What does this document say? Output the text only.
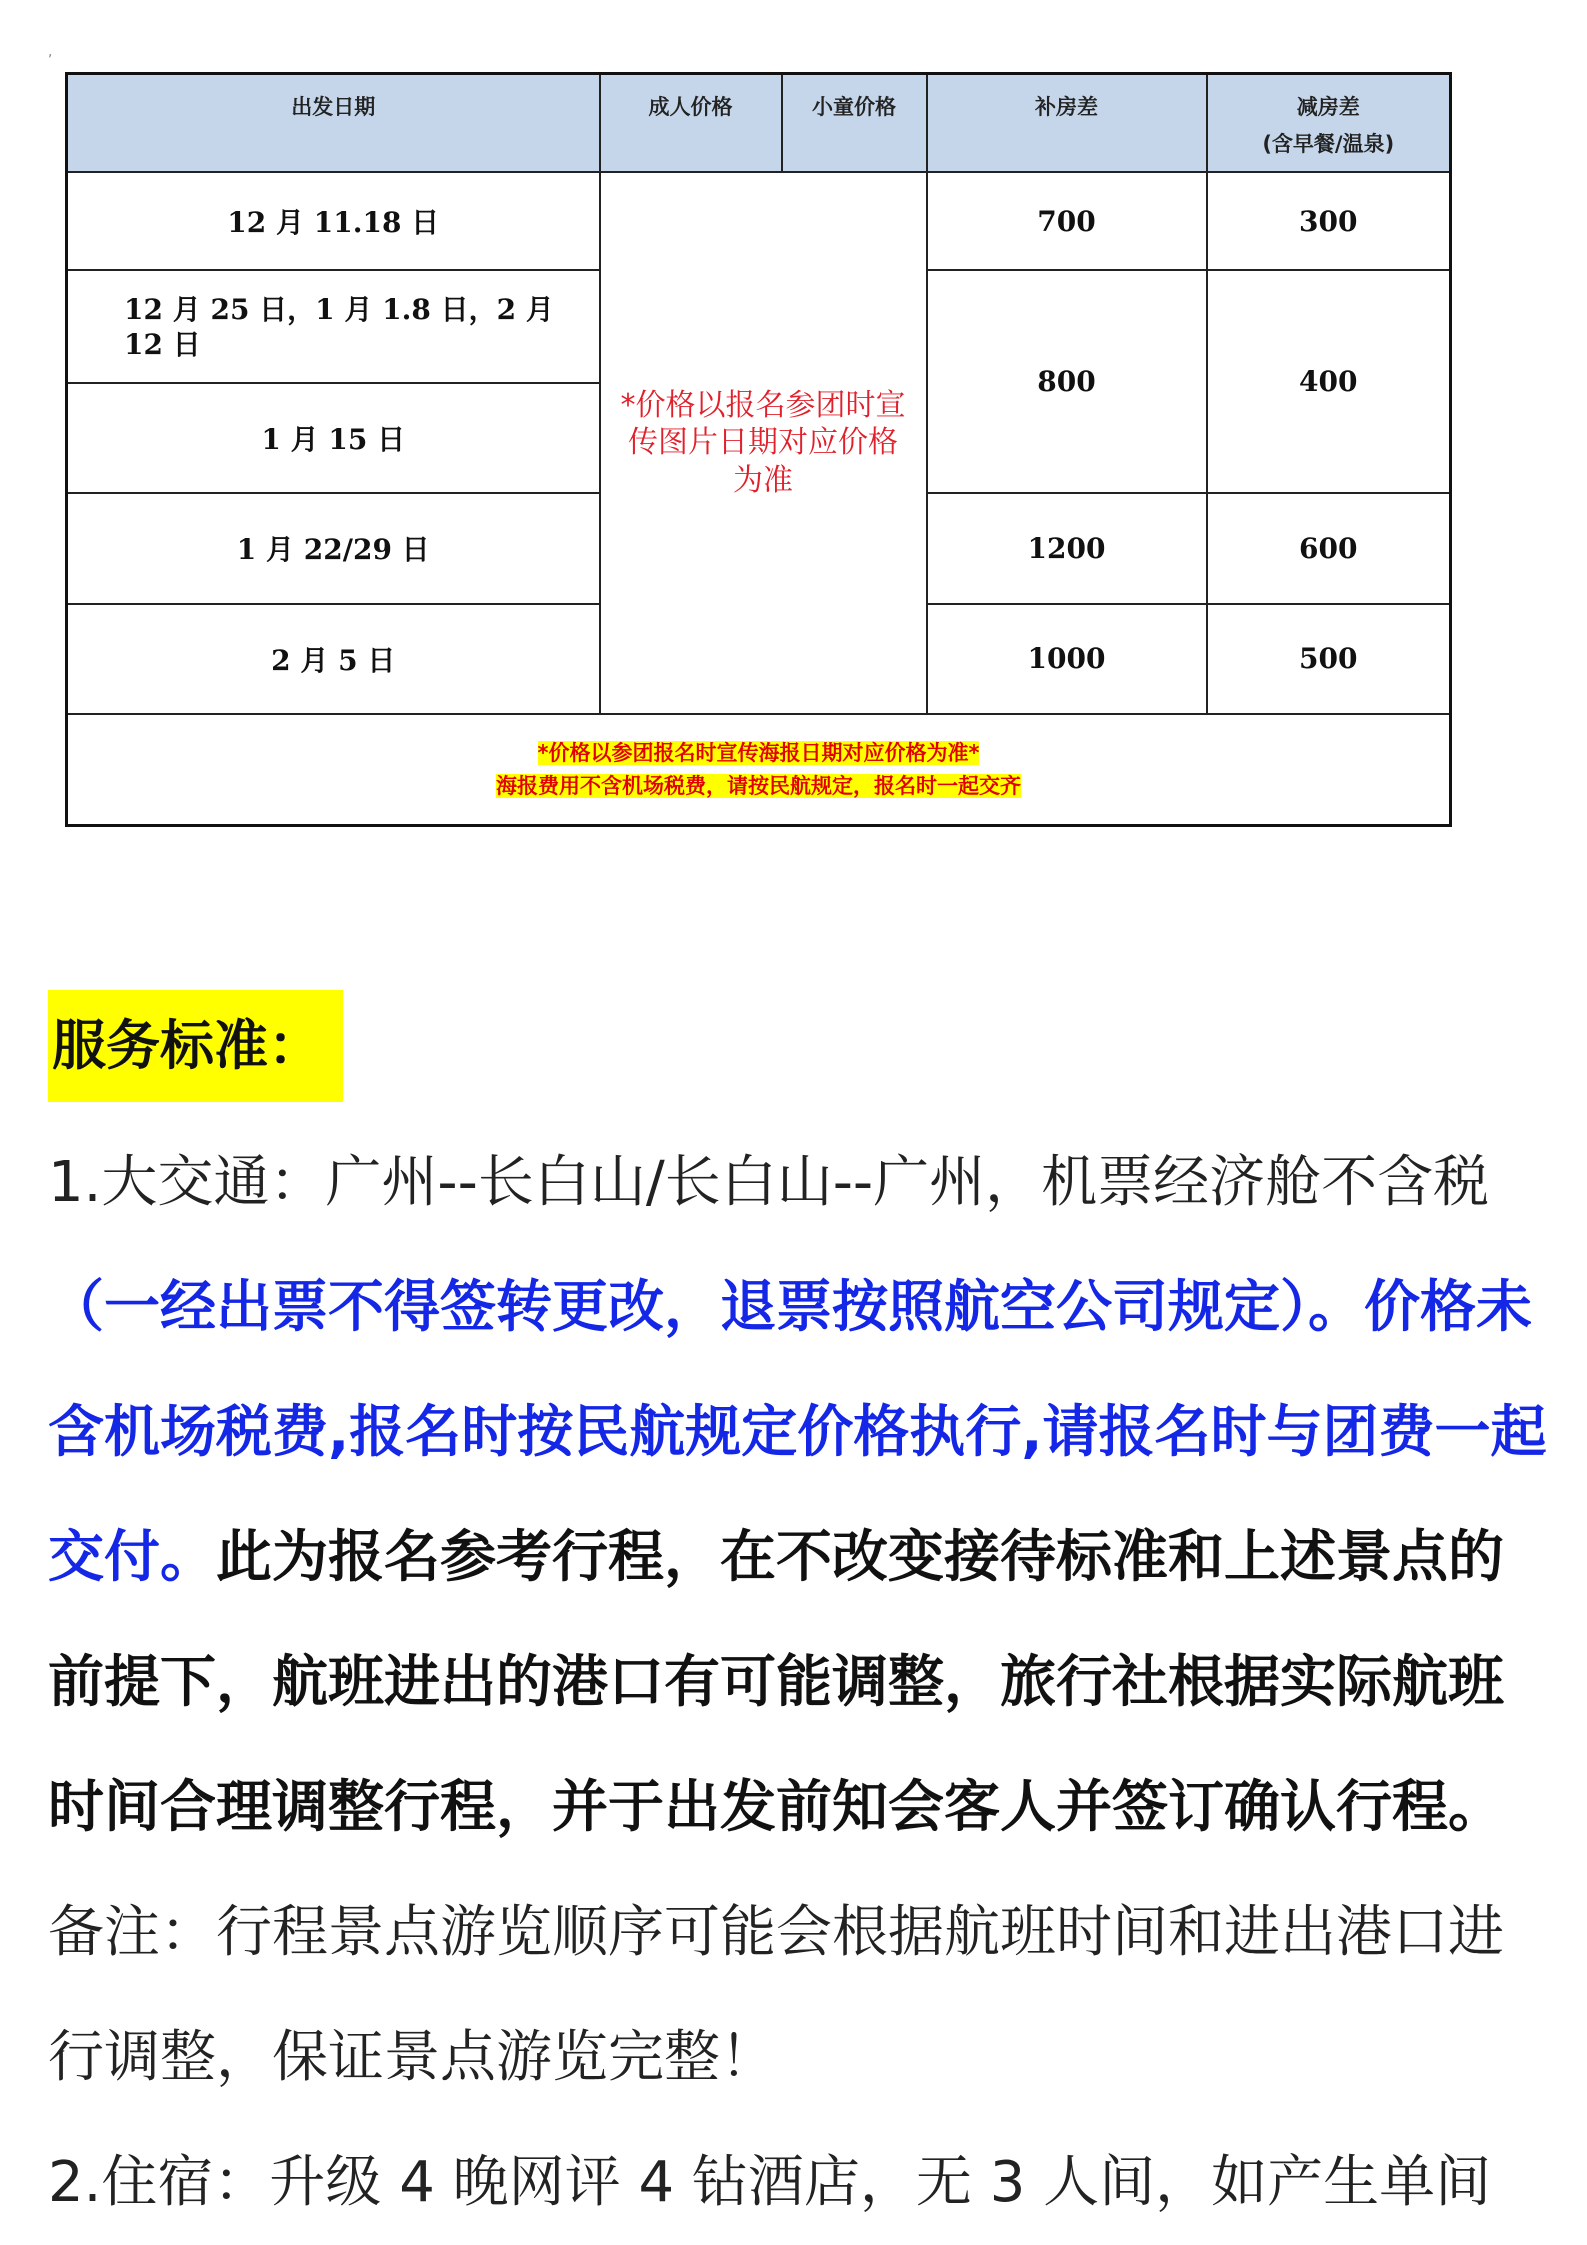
,
出发日期	成人价格	小童价格	补房差	减房差
(含早餐/温泉)

12 月 11.18 日	*价格以报名参团时宣传图片日期对应价格为准		700	300
12 月 25 日，1 月 1.8 日，2 月 12 日			800	400
1 月 15 日				
1 月 22/29 日			1200	600
2 月 5 日			1000	500

*价格以参团报名时宣传海报日期对应价格为准*
海报费用不含机场税费，请按民航规定，报名时一起交齐				
服务标准：

1.大交通：广州--长白山/长白山--广州，机票经济舱不含税（一经出票不得签转更改，退票按照航空公司规定）。价格未含机场税费,报名时按民航规定价格执行,请报名时与团费一起交付。此为报名参考行程，在不改变接待标准和上述景点的前提下，航班进出的港口有可能调整，旅行社根据实际航班时间合理调整行程，并于出发前知会客人并签订确认行程。备注：行程景点游览顺序可能会根据航班时间和进出港口进行调整，保证景点游览完整！

2.住宿：升级 4 晚网评 4 钻酒店，无 3 人间，如产生单间
